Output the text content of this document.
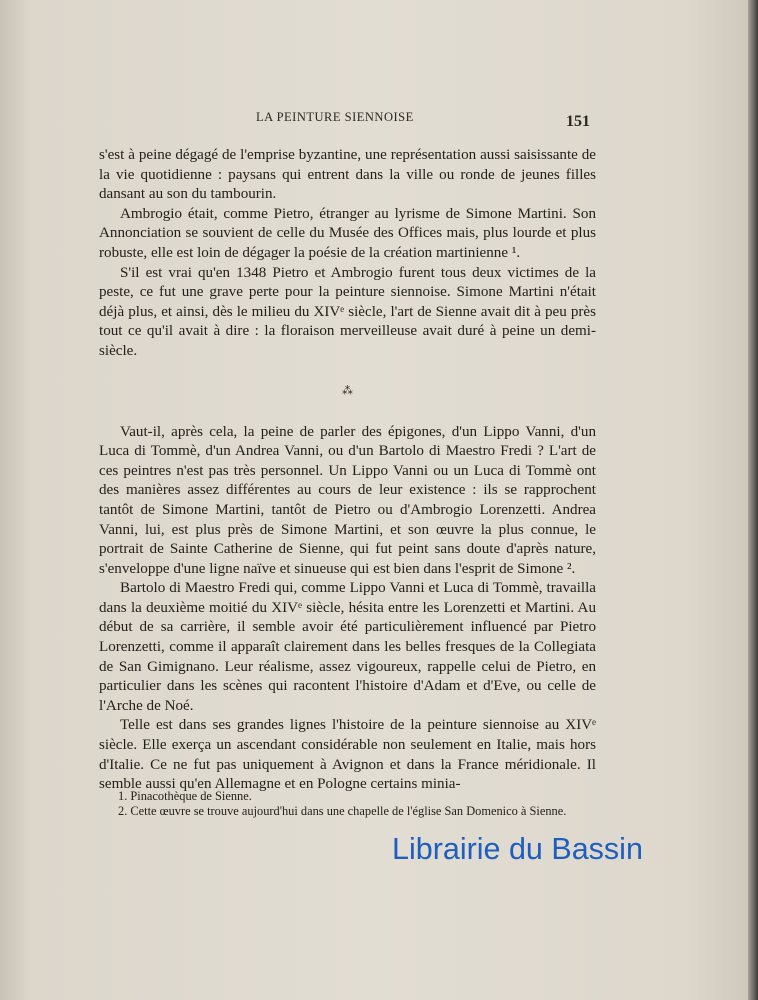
LA PEINTURE SIENNOISE	151

s'est à peine dégagé de l'emprise byzantine, une représentation aussi saisissante de la vie quotidienne : paysans qui entrent dans la ville ou ronde de jeunes filles dansant au son du tambourin.

Ambrogio était, comme Pietro, étranger au lyrisme de Simone Martini. Son Annonciation se souvient de celle du Musée des Offices mais, plus lourde et plus robuste, elle est loin de dégager la poésie de la création martinienne ¹.

S'il est vrai qu'en 1348 Pietro et Ambrogio furent tous deux victimes de la peste, ce fut une grave perte pour la peinture siennoise. Simone Martini n'était déjà plus, et ainsi, dès le milieu du XIVᵉ siècle, l'art de Sienne avait dit à peu près tout ce qu'il avait à dire : la floraison merveilleuse avait duré à peine un demi-siècle.

⁂

Vaut-il, après cela, la peine de parler des épigones, d'un Lippo Vanni, d'un Luca di Tommè, d'un Andrea Vanni, ou d'un Bartolo di Maestro Fredi ? L'art de ces peintres n'est pas très personnel. Un Lippo Vanni ou un Luca di Tommè ont des manières assez différentes au cours de leur existence : ils se rapprochent tantôt de Simone Martini, tantôt de Pietro ou d'Ambrogio Lorenzetti. Andrea Vanni, lui, est plus près de Simone Martini, et son œuvre la plus connue, le portrait de Sainte Catherine de Sienne, qui fut peint sans doute d'après nature, s'enveloppe d'une ligne naïve et sinueuse qui est bien dans l'esprit de Simone ².

Bartolo di Maestro Fredi qui, comme Lippo Vanni et Luca di Tommè, travailla dans la deuxième moitié du XIVᵉ siècle, hésita entre les Lorenzetti et Martini. Au début de sa carrière, il semble avoir été particulièrement influencé par Pietro Lorenzetti, comme il apparaît clairement dans les belles fresques de la Collegiata de San Gimignano. Leur réalisme, assez vigoureux, rappelle celui de Pietro, en particulier dans les scènes qui racontent l'histoire d'Adam et d'Eve, ou celle de l'Arche de Noé.

Telle est dans ses grandes lignes l'histoire de la peinture siennoise au XIVᵉ siècle. Elle exerça un ascendant considérable non seulement en Italie, mais hors d'Italie. Ce ne fut pas uniquement à Avignon et dans la France méridionale. Il semble aussi qu'en Allemagne et en Pologne certains minia-

1. Pinacothèque de Sienne.

2. Cette œuvre se trouve aujourd'hui dans une chapelle de l'église San Domenico à Sienne.

Librairie du Bassin
